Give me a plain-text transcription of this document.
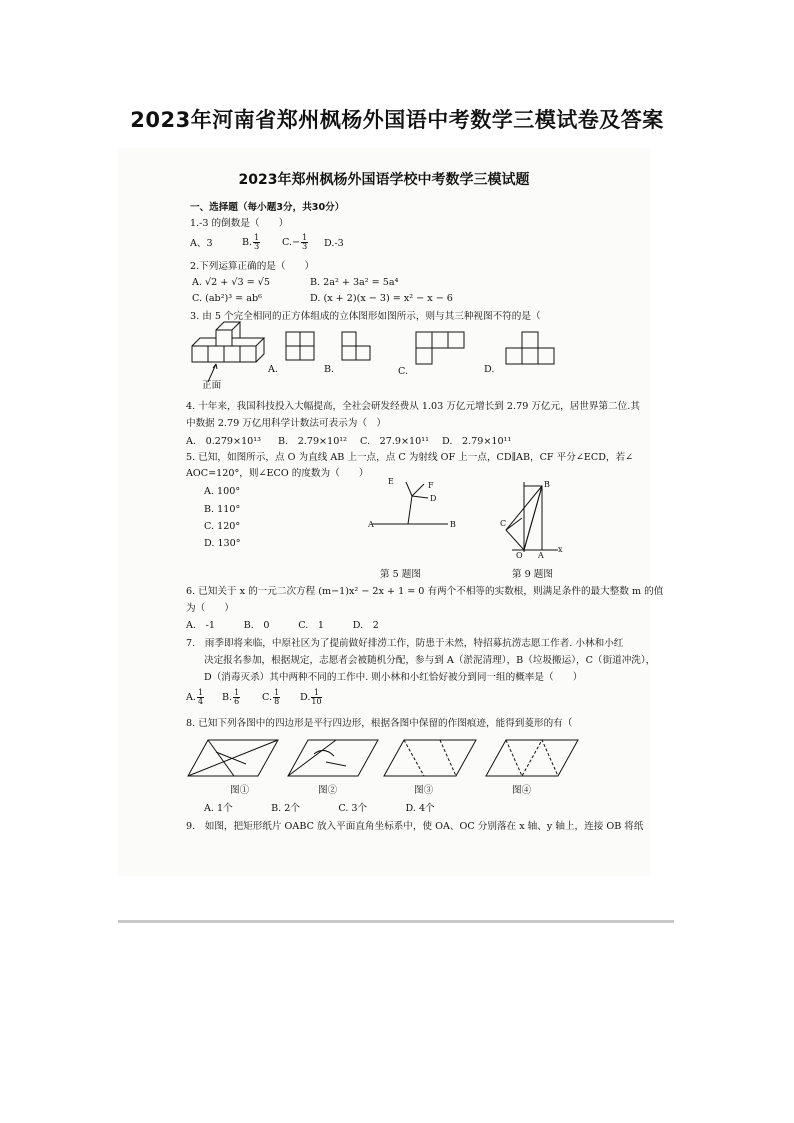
2023年河南省郑州枫杨外国语中考数学三模试卷及答案
2023年郑州枫杨外国语学校中考数学三模试题
一、选择题（每小题3分，共30分）
1.-3 的倒数是（　　）
A、3	B. $\frac{1}{3} C.- \frac{1}{3} D.-3$
2.下列运算正确的是（　　）
A. √2 + √3 = √5	B. 2a² + 3a² = 5a⁴
C. (ab²)³ = ab⁶	D. (x + 2)(x − 3) = x² − x − 6
3. 由 5 个完全相同的正方体组成的立体图形如图所示，则与其三种视图不符的是（
正面
A.	B.	C.	D.
4. 十年来，我国科技投入大幅提高，全社会研发经费从 1.03 万亿元增长到 2.79 万亿元，居世界第二位.其
中数据 2.79 万亿用科学计数法可表示为（　）
A.　0.279×10¹³ B.　2.79×10¹² C.　27.9×10¹¹ D.　2.79×10¹¹
5. 已知，如图所示，点 O 为直线 AB 上一点，点 C 为射线 OF 上一点，CD∥AB，CF 平分∠ECD，若∠
AOC=120°，则∠ECO 的度数为（　　）
A. 100°
B. 110°
C. 120°
D. 130°
E	F
D
A	B
B
C
O A
x
第 5 题图	第 9 题图
6. 已知关于 x 的一元二次方程 (m−1)x² − 2x + 1 = 0 有两个不相等的实数根，则满足条件的最大整数 m 的值
为（　　）
A.　-1　　　B.　0　　　C.　1　　　D.　2
7.　雨季即将来临，中原社区为了提前做好排涝工作，防患于未然，特招募抗涝志愿工作者. 小林和小红
决定报名参加，根据规定，志愿者会被随机分配，参与到 A（淤泥清理），B（垃圾搬运），C（街道冲洗），
D（消毒灭杀）其中两种不同的工作中. 则小林和小红恰好被分到同一组的概率是（　　）
A. $\frac{1}{4} B$. $\frac{1}{6} C$. $\frac{1}{8} D$. $\frac{1}{10}$
8. 已知下列各图中的四边形是平行四边形，根据各图中保留的作图痕迹，能得到菱形的有（
图①	图②	图③	图④
A. 1个　　　　B. 2个　　　　C. 3个　　　　D. 4个
9.　如图，把矩形纸片 OABC 放入平面直角坐标系中，使 OA、OC 分别落在 x 轴、y 轴上，连接 OB 将纸
